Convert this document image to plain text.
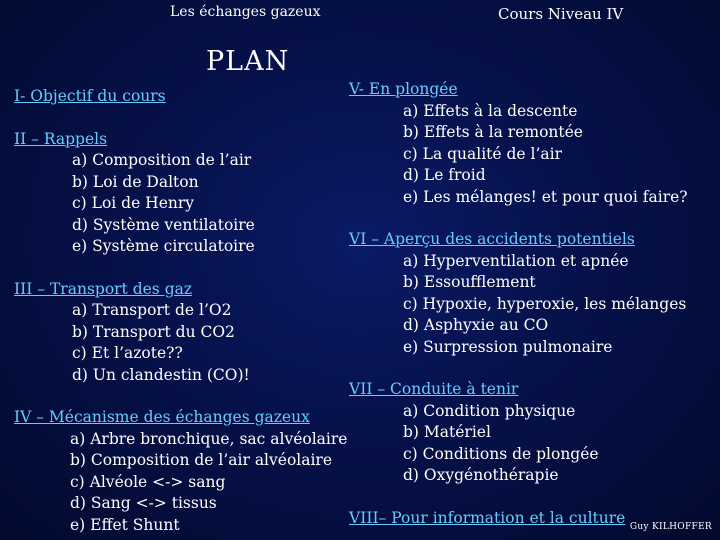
Les échanges gazeux	Cours Niveau IV
PLAN
I- Objectif du cours
II – Rappels
a) Composition de l’air
b) Loi de Dalton
c) Loi de Henry
d) Système ventilatoire
e) Système circulatoire
III – Transport des gaz
a) Transport de l’O2
b) Transport du CO2
c) Et l’azote??
d) Un clandestin (CO)!
IV – Mécanisme des échanges gazeux
a) Arbre bronchique, sac alvéolaire
b) Composition de l’air alvéolaire
c) Alvéole <-> sang
d) Sang <-> tissus
e) Effet Shunt
V- En plongée
a) Effets à la descente
b) Effets à la remontée
c) La qualité de l’air
d) Le froid
e) Les mélanges! et pour quoi faire?
VI – Aperçu des accidents potentiels
a) Hyperventilation et apnée
b) Essoufflement
c) Hypoxie, hyperoxie, les mélanges
d) Asphyxie au CO
e) Surpression pulmonaire
VII – Conduite à tenir
a) Condition physique
b) Matériel
c) Conditions de plongée
d) Oxygénothérapie
VIII– Pour information et la culture
Guy KILHOFFER
